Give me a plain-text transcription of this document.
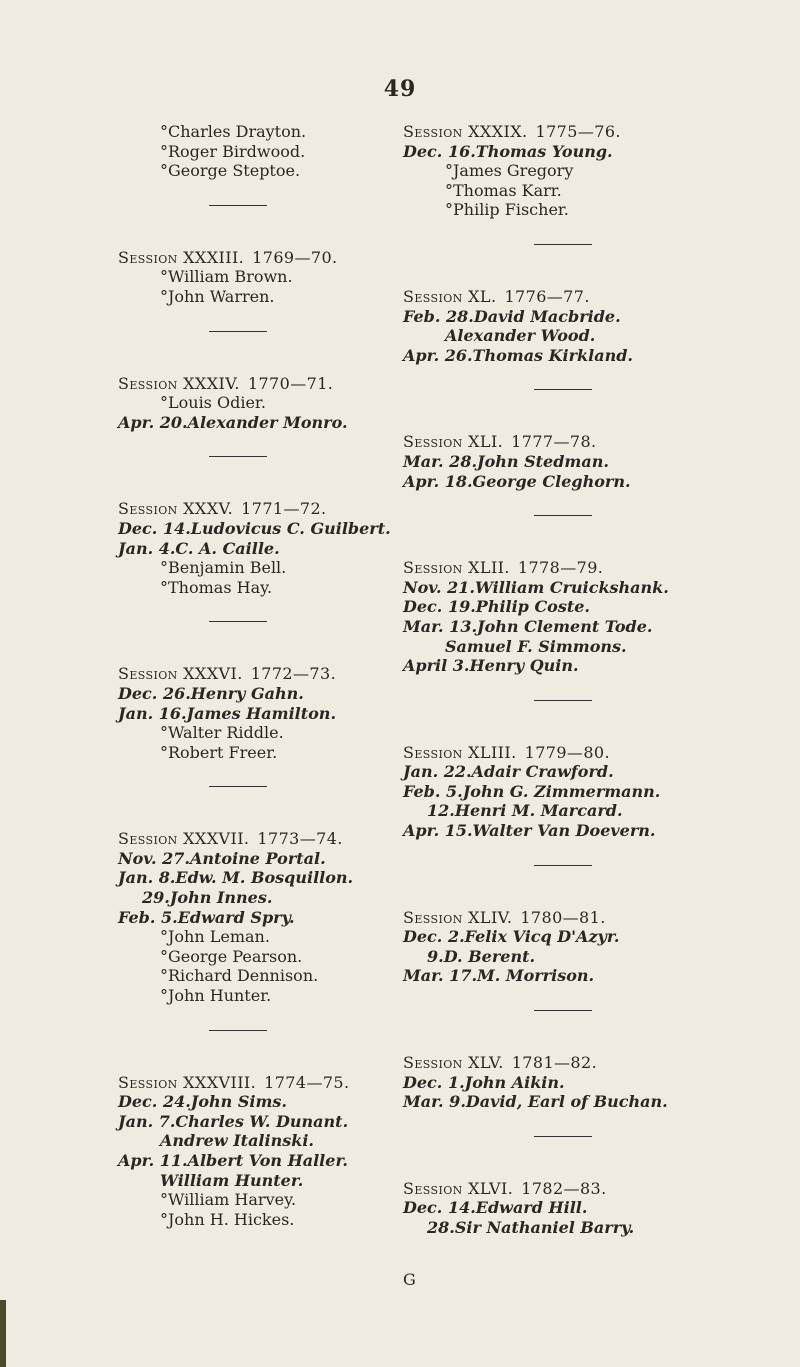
49
°Charles Drayton.
°Roger Birdwood.
°George Steptoe.
Session XXXIII. 1769—70.
°William Brown.
°John Warren.
Session XXXIV. 1770—71.
°Louis Odier.
Apr. 20.Alexander Monro.
Session XXXV. 1771—72.
Dec. 14.Ludovicus C. Guilbert.
Jan. 4.C. A. Caille.
°Benjamin Bell.
°Thomas Hay.
Session XXXVI. 1772—73.
Dec. 26.Henry Gahn.
Jan. 16.James Hamilton.
°Walter Riddle.
°Robert Freer.
Session XXXVII. 1773—74.
Nov. 27.Antoine Portal.
Jan. 8.Edw. M. Bosquillon.
29.John Innes.
Feb. 5.Edward Spry.
°John Leman.
°George Pearson.
°Richard Dennison.
°John Hunter.
Session XXXVIII. 1774—75.
Dec. 24.John Sims.
Jan. 7.Charles W. Dunant.
Andrew Italinski.
Apr. 11.Albert Von Haller.
William Hunter.
°William Harvey.
°John H. Hickes.
Session XXXIX. 1775—76.
Dec. 16.Thomas Young.
°James Gregory
°Thomas Karr.
°Philip Fischer.
Session XL. 1776—77.
Feb. 28.David Macbride.
Alexander Wood.
Apr. 26.Thomas Kirkland.
Session XLI. 1777—78.
Mar. 28.John Stedman.
Apr. 18.George Cleghorn.
Session XLII. 1778—79.
Nov. 21.William Cruickshank.
Dec. 19.Philip Coste.
Mar. 13.John Clement Tode.
Samuel F. Simmons.
April 3.Henry Quin.
Session XLIII. 1779—80.
Jan. 22.Adair Crawford.
Feb. 5.John G. Zimmermann.
12.Henri M. Marcard.
Apr. 15.Walter Van Doevern.
Session XLIV. 1780—81.
Dec. 2.Felix Vicq D'Azyr.
9.D. Berent.
Mar. 17.M. Morrison.
Session XLV. 1781—82.
Dec. 1.John Aikin.
Mar. 9.David, Earl of Buchan.
Session XLVI. 1782—83.
Dec. 14.Edward Hill.
28.Sir Nathaniel Barry.
G
